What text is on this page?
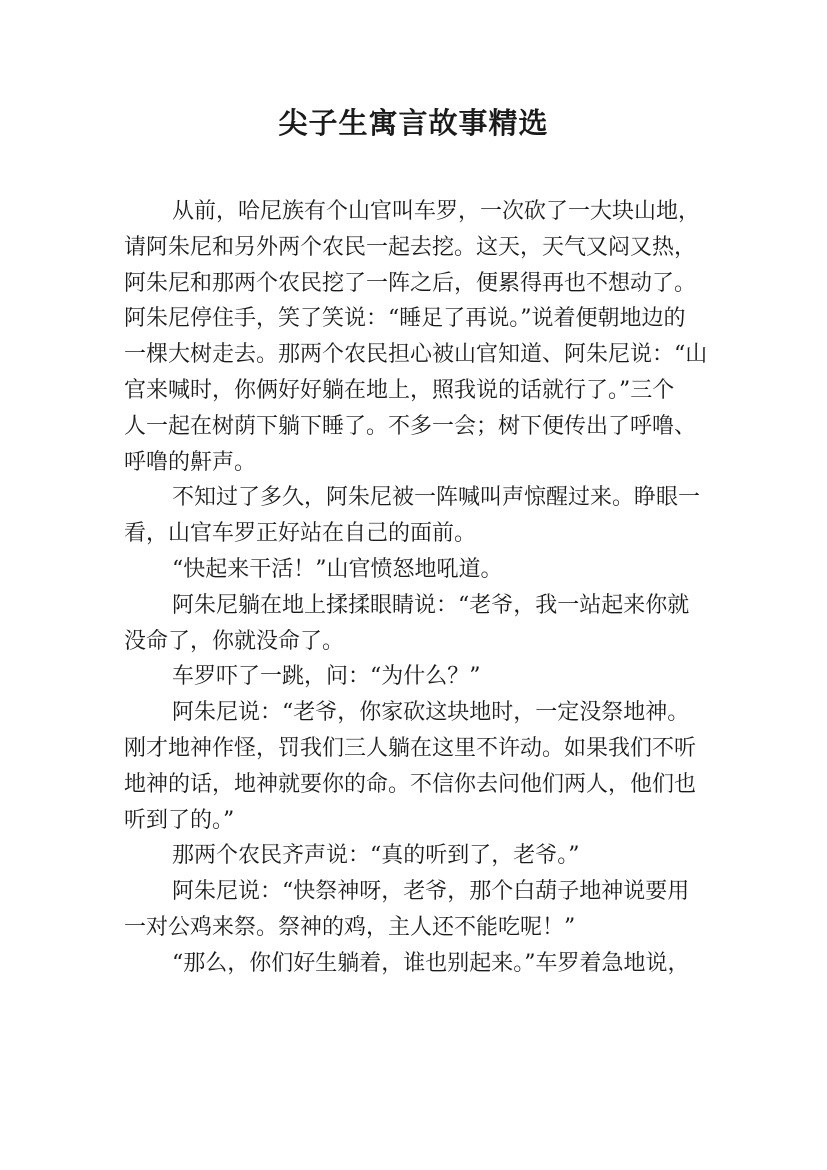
尖子生寓言故事精选
从前，哈尼族有个山官叫车罗，一次砍了一大块山地，
请阿朱尼和另外两个农民一起去挖。这天，天气又闷又热，
阿朱尼和那两个农民挖了一阵之后，便累得再也不想动了。
阿朱尼停住手，笑了笑说：“睡足了再说。”说着便朝地边的
一棵大树走去。那两个农民担心被山官知道、阿朱尼说：“山
官来喊时，你俩好好躺在地上，照我说的话就行了。”三个
人一起在树荫下躺下睡了。不多一会；树下便传出了呼噜、
呼噜的鼾声。
不知过了多久，阿朱尼被一阵喊叫声惊醒过来。睁眼一
看，山官车罗正好站在自己的面前。
“快起来干活！”山官愤怒地吼道。
阿朱尼躺在地上揉揉眼睛说：“老爷，我一站起来你就
没命了，你就没命了。
车罗吓了一跳，问：“为什么？”
阿朱尼说：“老爷，你家砍这块地时，一定没祭地神。
刚才地神作怪，罚我们三人躺在这里不许动。如果我们不听
地神的话，地神就要你的命。不信你去问他们两人，他们也
听到了的。”
那两个农民齐声说：“真的听到了，老爷。”
阿朱尼说：“快祭神呀，老爷，那个白葫子地神说要用
一对公鸡来祭。祭神的鸡，主人还不能吃呢！”
“那么，你们好生躺着，谁也别起来。”车罗着急地说，
